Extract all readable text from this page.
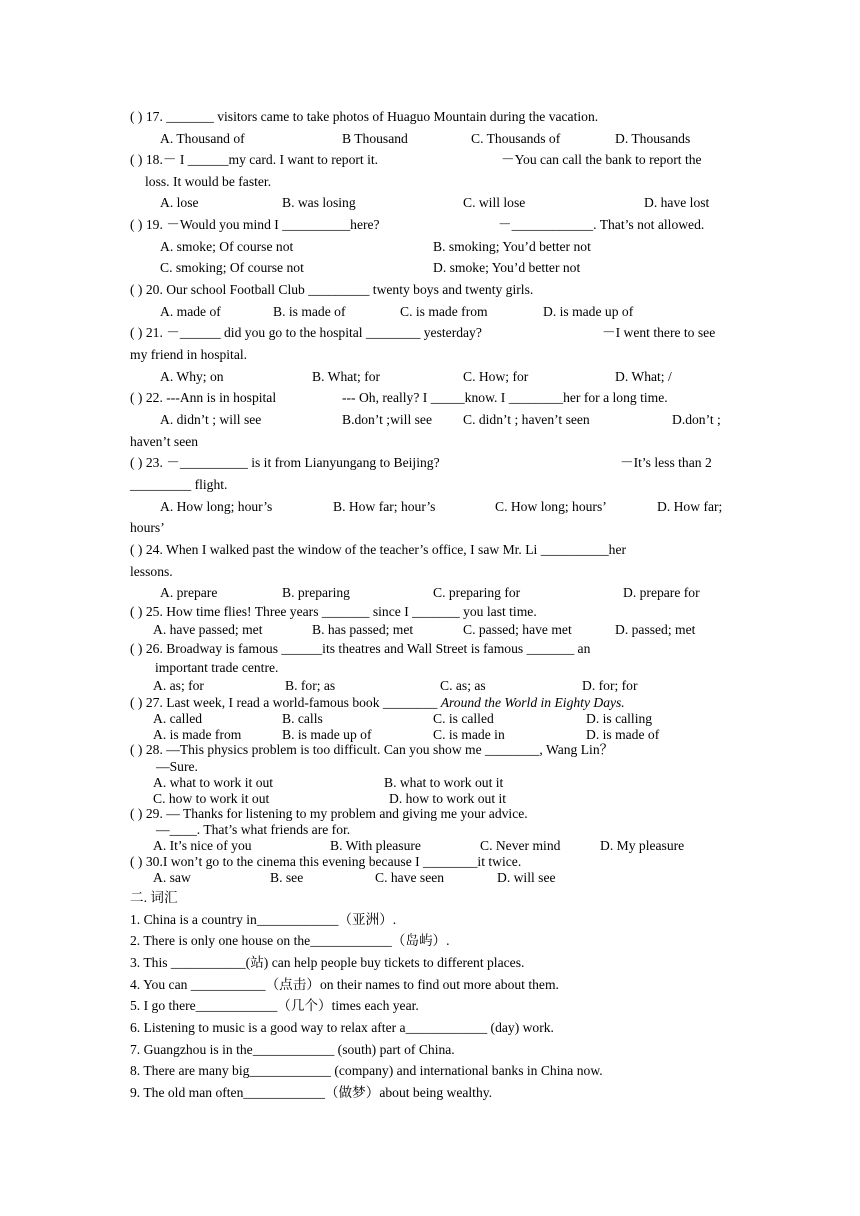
( ) 17. _______ visitors came to take photos of Huaguo Mountain during the vacation.
A. Thousand of	B Thousand	C. Thousands of	D. Thousands
( ) 18.－ I ______my card. I want to report it.	－You can call the bank to report the
loss. It would be faster.
A. lose	B. was losing	C. will lose	D. have lost
( ) 19. －Would you mind I __________here?	－____________. That’s not allowed.
A. smoke; Of course not	B. smoking; You’d better not
C. smoking; Of course not	D. smoke; You’d better not
( ) 20. Our school Football Club _________ twenty boys and twenty girls.
A. made of	B. is made of	C. is made from	D. is made up of
( ) 21. －______ did you go to the hospital ________ yesterday?	－I went there to see
my friend in hospital.
A. Why; on	B. What; for	C. How; for	D. What; /
( ) 22. ---Ann is in hospital	--- Oh, really? I _____know. I ________her for a long time.
A. didn’t ; will see	B.don’t ;will see C. didn’t ; haven’t seen	D.don’t ;
haven’t seen
( ) 23. －__________ is it from Lianyungang to Beijing?	－It’s less than 2
_________ flight.
A. How long; hour’s	B. How far; hour’s	C. How long; hours’	D. How far;
hours’
( ) 24. When I walked past the window of the teacher’s office, I saw Mr. Li __________her
lessons.
A. prepare	B. preparing	C. preparing for	D. prepare for
( ) 25. How time flies! Three years _______ since I _______ you last time.
A. have passed; met	B. has passed; met	C. passed; have met	D. passed; met
( ) 26. Broadway is famous ______its theatres and Wall Street is famous _______ an
important trade centre.
A. as; for	B. for; as	C. as; as	D. for; for
( ) 27. Last week, I read a world-famous book ________ Around the World in Eighty Days.
A. called	B. calls	C. is called	D. is calling
A. is made from	B. is made up of	C. is made in	D. is made of
( ) 28. —This physics problem is too difficult. Can you show me ________, Wang Lin？
—Sure.
A. what to work it out	B. what to work out it
C. how to work it out	D. how to work out it
( ) 29. — Thanks for listening to my problem and giving me your advice.
—____. That’s what friends are for.
A. It’s nice of you	B. With pleasure	C. Never mind	D. My pleasure
( ) 30.I won’t go to the cinema this evening because I ________it twice.
A. saw	B. see	C. have seen	D. will see
二. 词汇
1. China is a country in____________（亚洲）.
2. There is only one house on the____________（岛屿）.
3. This ___________(站) can help people buy tickets to different places.
4. You can ___________（点击）on their names to find out more about them.
5. I go there____________（几个）times each year.
6. Listening to music is a good way to relax after a____________ (day) work.
7. Guangzhou is in the____________ (south) part of China.
8. There are many big____________ (company) and international banks in China now.
9. The old man often____________（做梦）about being wealthy.
